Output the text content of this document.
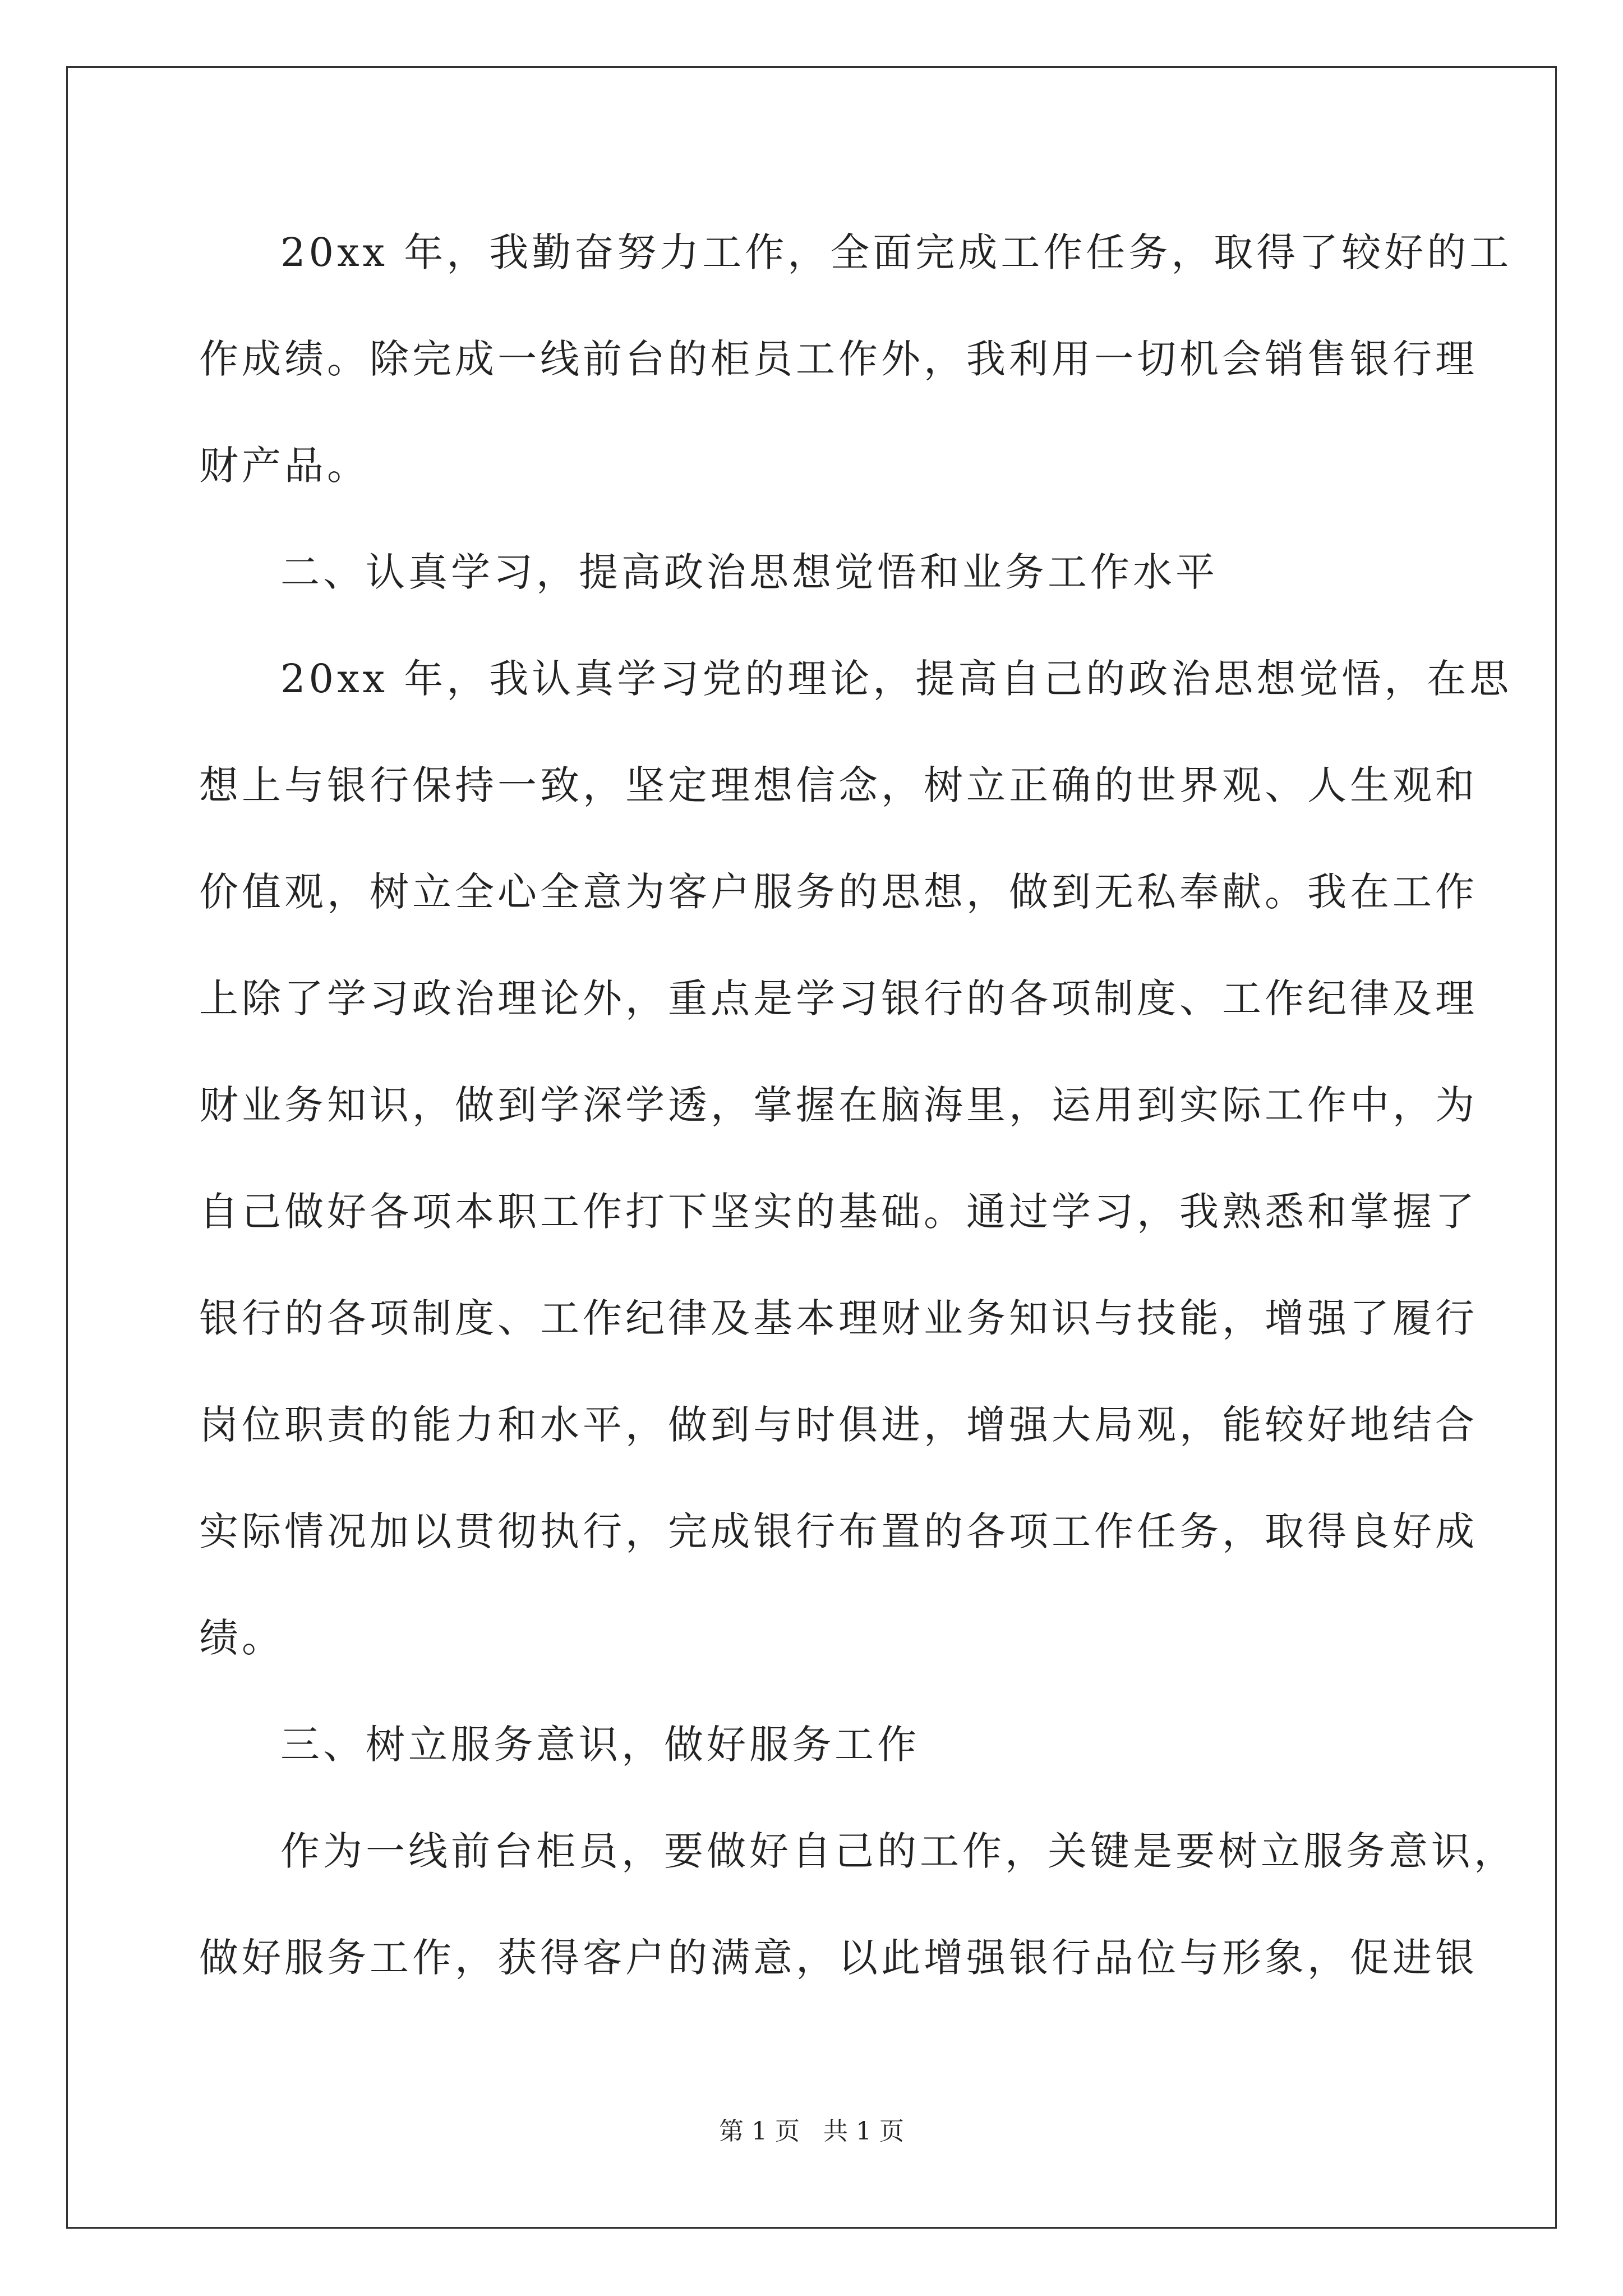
20xx 年，我勤奋努力工作，全面完成工作任务，取得了较好的工
作成绩。除完成一线前台的柜员工作外，我利用一切机会销售银行理
财产品。
二、认真学习，提高政治思想觉悟和业务工作水平
20xx 年，我认真学习党的理论，提高自己的政治思想觉悟，在思
想上与银行保持一致，坚定理想信念，树立正确的世界观、人生观和
价值观，树立全心全意为客户服务的思想，做到无私奉献。我在工作
上除了学习政治理论外，重点是学习银行的各项制度、工作纪律及理
财业务知识，做到学深学透，掌握在脑海里，运用到实际工作中，为
自己做好各项本职工作打下坚实的基础。通过学习，我熟悉和掌握了
银行的各项制度、工作纪律及基本理财业务知识与技能，增强了履行
岗位职责的能力和水平，做到与时俱进，增强大局观，能较好地结合
实际情况加以贯彻执行，完成银行布置的各项工作任务，取得良好成
绩。
三、树立服务意识，做好服务工作
作为一线前台柜员，要做好自己的工作，关键是要树立服务意识，
做好服务工作，获得客户的满意，以此增强银行品位与形象，促进银
第 1 页   共 1 页
